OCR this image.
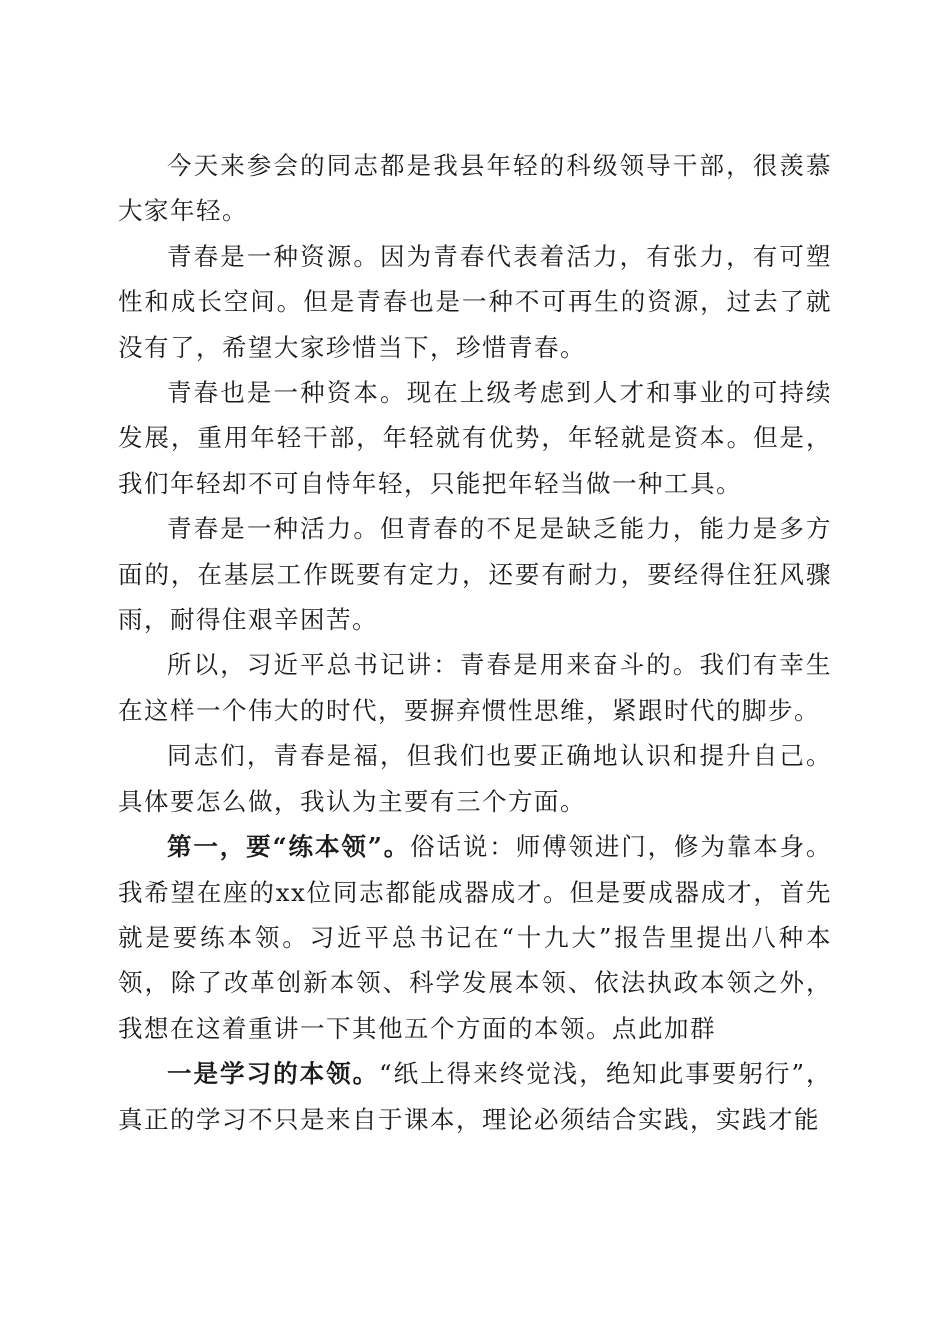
今天来参会的同志都是我县年轻的科级领导干部，很羡慕大家年轻。

青春是一种资源。因为青春代表着活力，有张力，有可塑性和成长空间。但是青春也是一种不可再生的资源，过去了就没有了，希望大家珍惜当下，珍惜青春。

青春也是一种资本。现在上级考虑到人才和事业的可持续发展，重用年轻干部，年轻就有优势，年轻就是资本。但是，我们年轻却不可自恃年轻，只能把年轻当做一种工具。

青春是一种活力。但青春的不足是缺乏能力，能力是多方面的，在基层工作既要有定力，还要有耐力，要经得住狂风骤雨，耐得住艰辛困苦。

所以，习近平总书记讲：青春是用来奋斗的。我们有幸生在这样一个伟大的时代，要摒弃惯性思维，紧跟时代的脚步。

同志们，青春是福，但我们也要正确地认识和提升自己。具体要怎么做，我认为主要有三个方面。

第一，要“练本领”。俗话说：师傅领进门，修为靠本身。我希望在座的xx位同志都能成器成才。但是要成器成才，首先就是要练本领。习近平总书记在“十九大”报告里提出八种本领，除了改革创新本领、科学发展本领、依法执政本领之外，我想在这着重讲一下其他五个方面的本领。点此加群

一是学习的本领。“纸上得来终觉浅，绝知此事要躬行”，真正的学习不只是来自于课本，理论必须结合实践，实践才能
